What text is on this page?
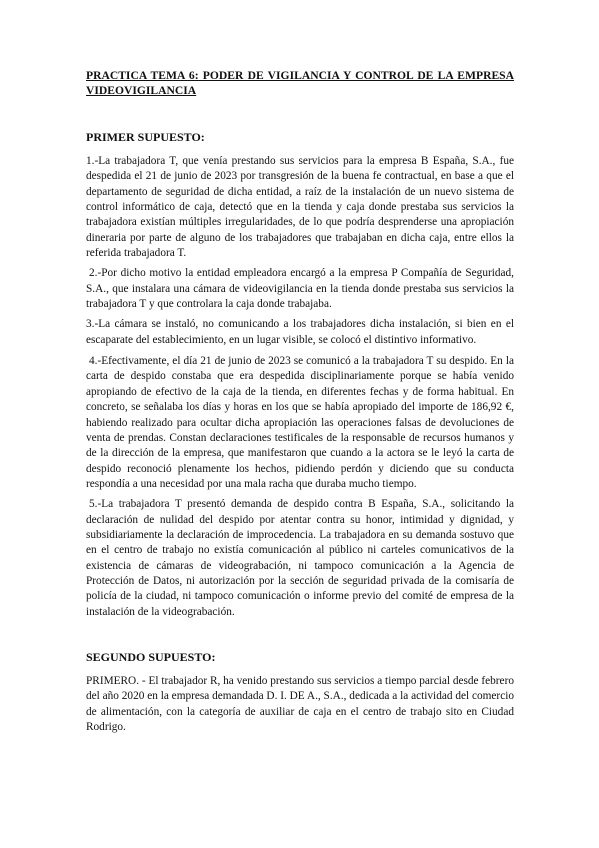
PRACTICA TEMA 6: PODER DE VIGILANCIA Y CONTROL DE LA EMPRESA VIDEOVIGILANCIA
PRIMER SUPUESTO:

1.-La trabajadora T, que venía prestando sus servicios para la empresa B España, S.A., fue despedida el 21 de junio de 2023 por transgresión de la buena fe contractual, en base a que el departamento de seguridad de dicha entidad, a raíz de la instalación de un nuevo sistema de control informático de caja, detectó que en la tienda y caja donde prestaba sus servicios la trabajadora existían múltiples irregularidades, de lo que podría desprenderse una apropiación dineraria por parte de alguno de los trabajadores que trabajaban en dicha caja, entre ellos la referida trabajadora T.

2.-Por dicho motivo la entidad empleadora encargó a la empresa P Compañía de Seguridad, S.A., que instalara una cámara de videovigilancia en la tienda donde prestaba sus servicios la trabajadora T y que controlara la caja donde trabajaba.

3.-La cámara se instaló, no comunicando a los trabajadores dicha instalación, si bien en el escaparate del establecimiento, en un lugar visible, se colocó el distintivo informativo.

4.-Efectivamente, el día 21 de junio de 2023 se comunicó a la trabajadora T su despido. En la carta de despido constaba que era despedida disciplinariamente porque se había venido apropiando de efectivo de la caja de la tienda, en diferentes fechas y de forma habitual. En concreto, se señalaba los días y horas en los que se había apropiado del importe de 186,92 €, habiendo realizado para ocultar dicha apropiación las operaciones falsas de devoluciones de venta de prendas. Constan declaraciones testificales de la responsable de recursos humanos y de la dirección de la empresa, que manifestaron que cuando a la actora se le leyó la carta de despido reconoció plenamente los hechos, pidiendo perdón y diciendo que su conducta respondía a una necesidad por una mala racha que duraba mucho tiempo.

5.-La trabajadora T presentó demanda de despido contra B España, S.A., solicitando la declaración de nulidad del despido por atentar contra su honor, intimidad y dignidad, y subsidiariamente la declaración de improcedencia. La trabajadora en su demanda sostuvo que en el centro de trabajo no existía comunicación al público ni carteles comunicativos de la existencia de cámaras de videograbación, ni tampoco comunicación a la Agencia de Protección de Datos, ni autorización por la sección de seguridad privada de la comisaría de policía de la ciudad, ni tampoco comunicación o informe previo del comité de empresa de la instalación de la videograbación.

SEGUNDO SUPUESTO:

PRIMERO. - El trabajador R, ha venido prestando sus servicios a tiempo parcial desde febrero del año 2020 en la empresa demandada D. I. DE A., S.A., dedicada a la actividad del comercio de alimentación, con la categoría de auxiliar de caja en el centro de trabajo sito en Ciudad Rodrigo.
